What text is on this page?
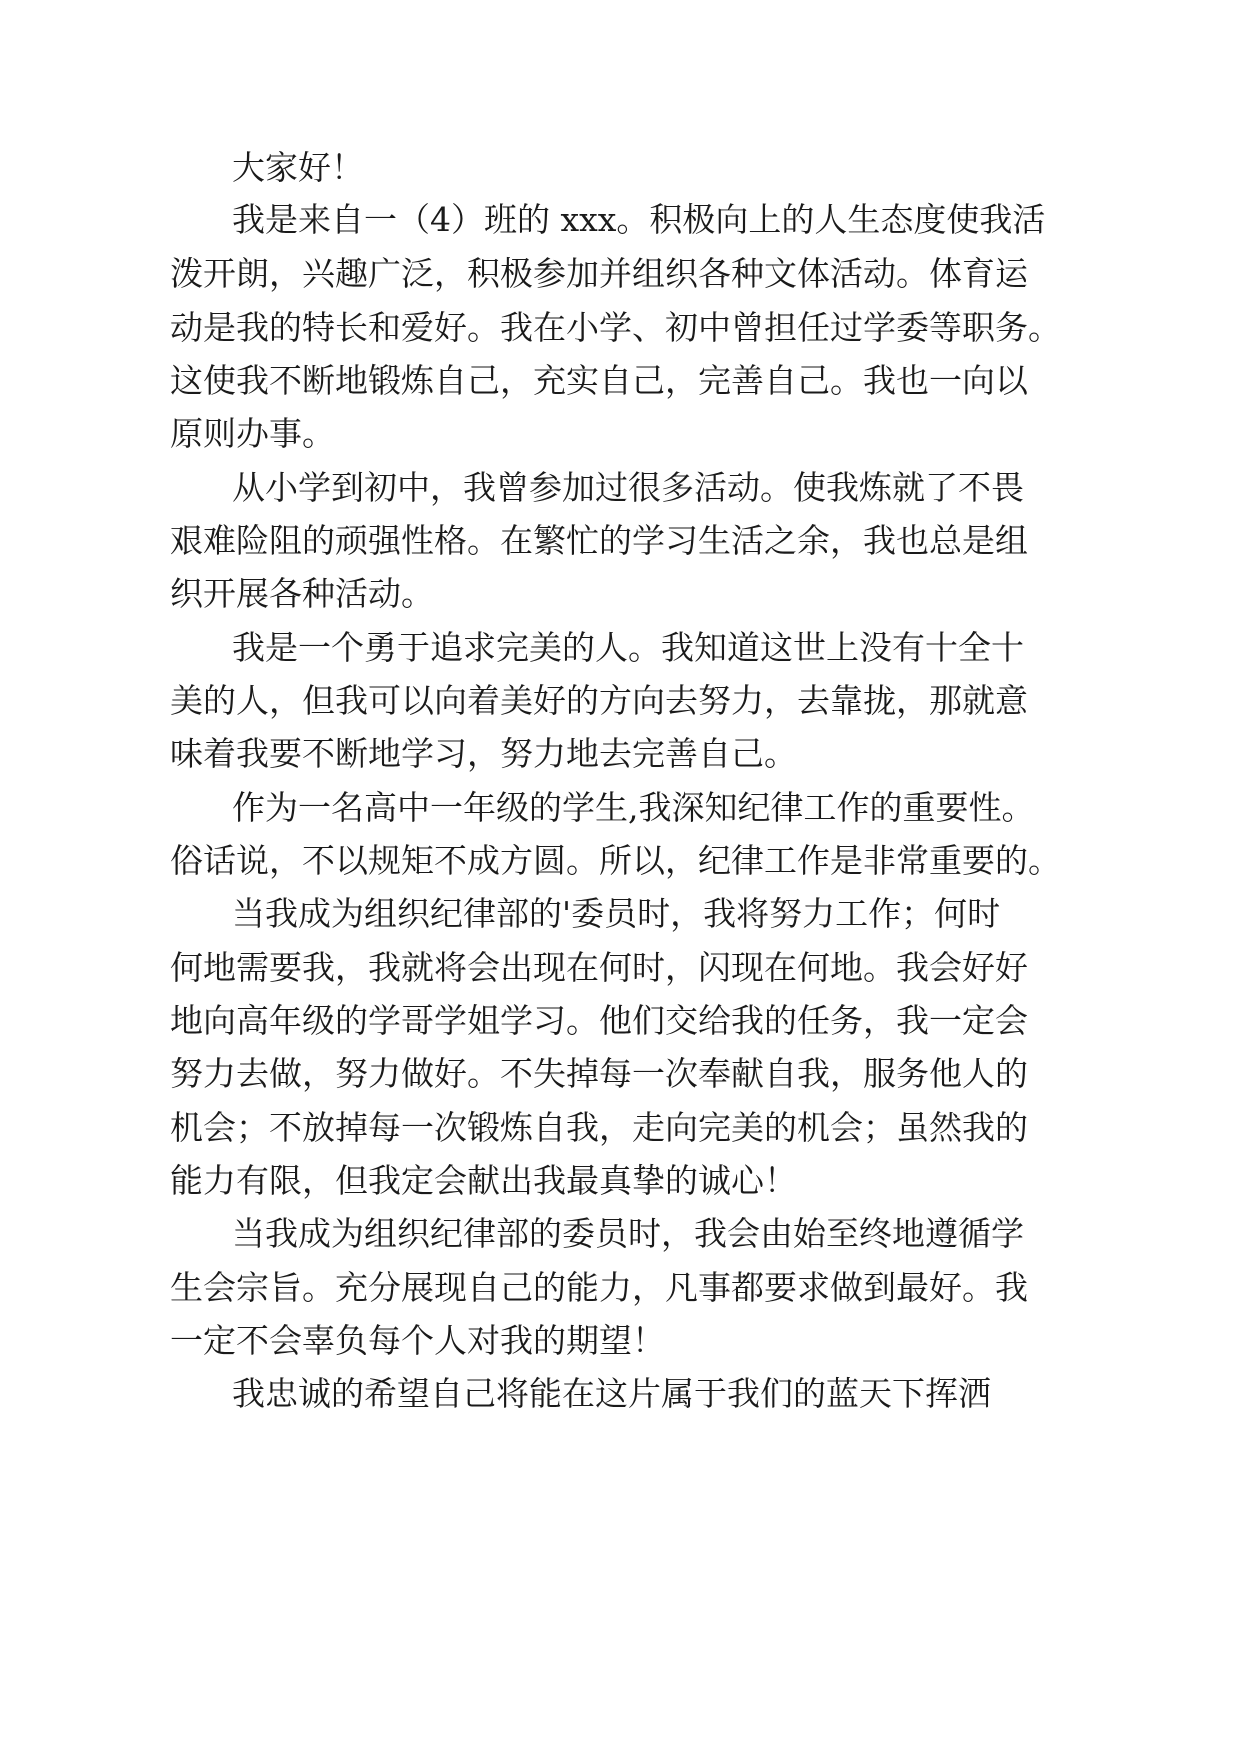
大家好！
我是来自一（4）班的 xxx。积极向上的人生态度使我活
泼开朗，兴趣广泛，积极参加并组织各种文体活动。体育运
动是我的特长和爱好。我在小学、初中曾担任过学委等职务。
这使我不断地锻炼自己，充实自己，完善自己。我也一向以
原则办事。
从小学到初中，我曾参加过很多活动。使我炼就了不畏
艰难险阻的顽强性格。在繁忙的学习生活之余，我也总是组
织开展各种活动。
我是一个勇于追求完美的人。我知道这世上没有十全十
美的人，但我可以向着美好的方向去努力，去靠拢，那就意
味着我要不断地学习，努力地去完善自己。
作为一名高中一年级的学生,我深知纪律工作的重要性。
俗话说，不以规矩不成方圆。所以，纪律工作是非常重要的。
当我成为组织纪律部的'委员时，我将努力工作；何时
何地需要我，我就将会出现在何时，闪现在何地。我会好好
地向高年级的学哥学姐学习。他们交给我的任务，我一定会
努力去做，努力做好。不失掉每一次奉献自我，服务他人的
机会；不放掉每一次锻炼自我，走向完美的机会；虽然我的
能力有限，但我定会献出我最真挚的诚心！
当我成为组织纪律部的委员时，我会由始至终地遵循学
生会宗旨。充分展现自己的能力，凡事都要求做到最好。我
一定不会辜负每个人对我的期望！
我忠诚的希望自己将能在这片属于我们的蓝天下挥洒
